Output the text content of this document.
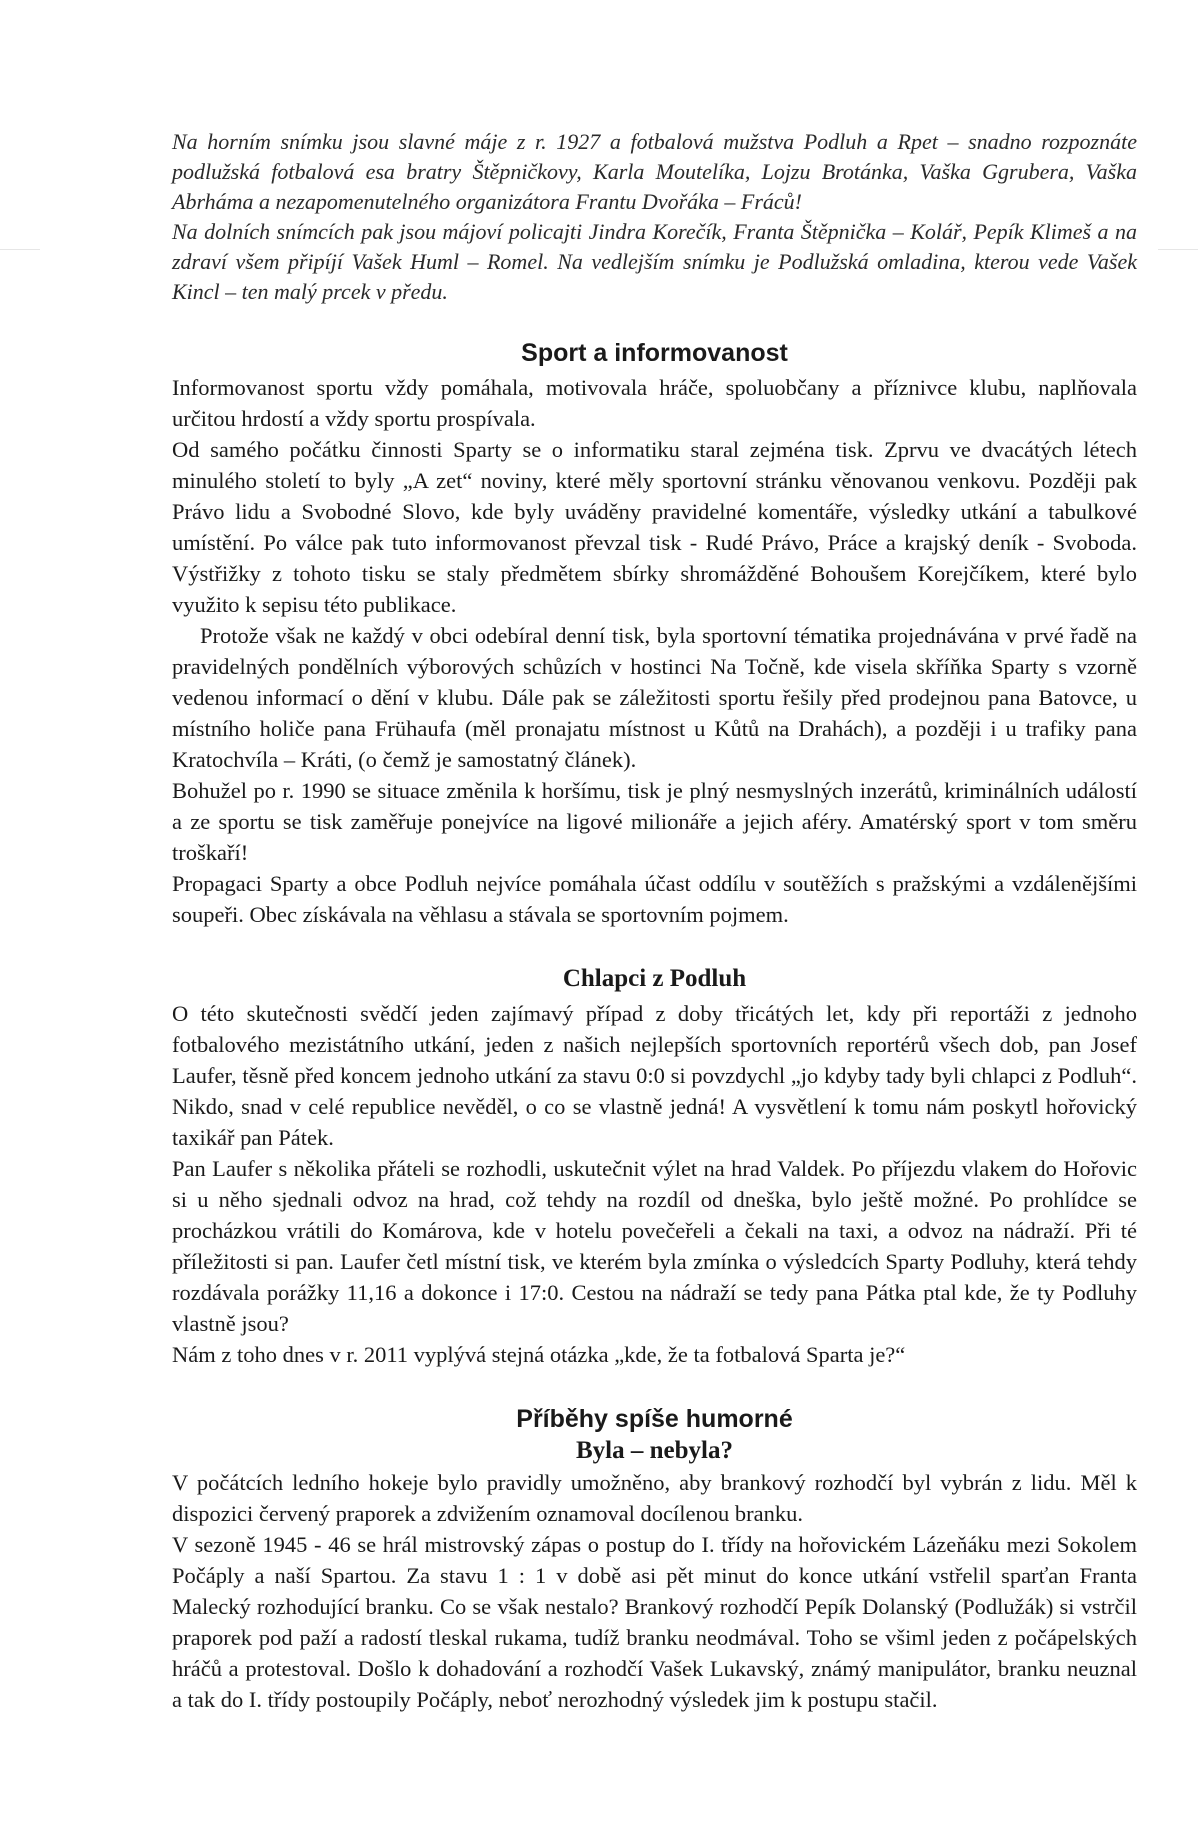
Na horním snímku jsou slavné máje z r. 1927 a fotbalová mužstva Podluh a Rpet – snadno rozpoznáte podlužská fotbalová esa bratry Štěpničkovy, Karla Moutelíka, Lojzu Brotánka, Vaška Ggrubera, Vaška Abrháma a nezapomenutelného organizátora Frantu Dvořáka – Fráců!

Na dolních snímcích pak jsou májoví policajti Jindra Korečík, Franta Štěpnička – Kolář, Pepík Klimeš a na zdraví všem připíjí Vašek Huml – Romel. Na vedlejším snímku je Podlužská omladina, kterou vede Vašek Kincl – ten malý prcek v předu.

Sport a informovanost

Informovanost sportu vždy pomáhala, motivovala hráče, spoluobčany a příznivce klubu, naplňovala určitou hrdostí a vždy sportu prospívala.

Od samého počátku činnosti Sparty se o informatiku staral zejména tisk. Zprvu ve dvacátých létech minulého století to byly „A zet“ noviny, které měly sportovní stránku věnovanou venkovu. Později pak Právo lidu a Svobodné Slovo, kde byly uváděny pravidelné komentáře, výsledky utkání a tabulkové umístění. Po válce pak tuto informovanost převzal tisk - Rudé Právo, Práce a krajský deník - Svoboda. Výstřižky z tohoto tisku se staly předmětem sbírky shromážděné Bohoušem Korejčíkem, které bylo využito k sepisu této publikace.

Protože však ne každý v obci odebíral denní tisk, byla sportovní tématika projednávána v prvé řadě na pravidelných pondělních výborových schůzích v hostinci Na Točně, kde visela skříňka Sparty s vzorně vedenou informací o dění v klubu. Dále pak se záležitosti sportu řešily před prodejnou pana Batovce, u místního holiče pana Frühaufa (měl pronajatu místnost u Kůtů na Drahách), a později i u trafiky pana Kratochvíla – Kráti, (o čemž je samostatný článek).

Bohužel po r. 1990 se situace změnila k horšímu, tisk je plný nesmyslných inzerátů, kriminálních událostí a ze sportu se tisk zaměřuje ponejvíce na ligové milionáře a jejich aféry. Amatérský sport v tom směru troškaří!

Propagaci Sparty a obce Podluh nejvíce pomáhala účast oddílu v soutěžích s pražskými a vzdálenějšími soupeři. Obec získávala na věhlasu a stávala se sportovním pojmem.

Chlapci z Podluh

O této skutečnosti svědčí jeden zajímavý případ z doby třicátých let, kdy při reportáži z jednoho fotbalového mezistátního utkání, jeden z našich nejlepších sportovních reportérů všech dob, pan Josef Laufer, těsně před koncem jednoho utkání za stavu 0:0 si povzdychl „jo kdyby tady byli chlapci z Podluh“. Nikdo, snad v celé republice nevěděl, o co se vlastně jedná! A vysvětlení k tomu nám poskytl hořovický taxikář pan Pátek.

Pan Laufer s několika přáteli se rozhodli, uskutečnit výlet na hrad Valdek. Po příjezdu vlakem do Hořovic si u něho sjednali odvoz na hrad, což tehdy na rozdíl od dneška, bylo ještě možné. Po prohlídce se procházkou vrátili do Komárova, kde v hotelu povečeřeli a čekali na taxi, a odvoz na nádraží. Při té příležitosti si pan. Laufer četl místní tisk, ve kterém byla zmínka o výsledcích Sparty Podluhy, která tehdy rozdávala porážky 11,16 a dokonce i 17:0. Cestou na nádraží se tedy pana Pátka ptal kde, že ty Podluhy vlastně jsou?

Nám z toho dnes v r. 2011 vyplývá stejná otázka „kde, že ta fotbalová Sparta je?“

Příběhy spíše humorné
Byla – nebyla?

V počátcích ledního hokeje bylo pravidly umožněno, aby brankový rozhodčí byl vybrán z lidu. Měl k dispozici červený praporek a zdvižením oznamoval docílenou branku.

V sezoně 1945 - 46 se hrál mistrovský zápas o postup do I. třídy na hořovickém Lázeňáku mezi Sokolem Počáply a naší Spartou. Za stavu 1 : 1 v době asi pět minut do konce utkání vstřelil sparťan Franta Malecký rozhodující branku. Co se však nestalo? Brankový rozhodčí Pepík Dolanský (Podlužák) si vstrčil praporek pod paží a radostí tleskal rukama, tudíž branku neodmával. Toho se všiml jeden z počápelských hráčů a protestoval. Došlo k dohadování a rozhodčí Vašek Lukavský, známý manipulátor, branku neuznal a tak do I. třídy postoupily Počáply, neboť nerozhodný výsledek jim k postupu stačil.
